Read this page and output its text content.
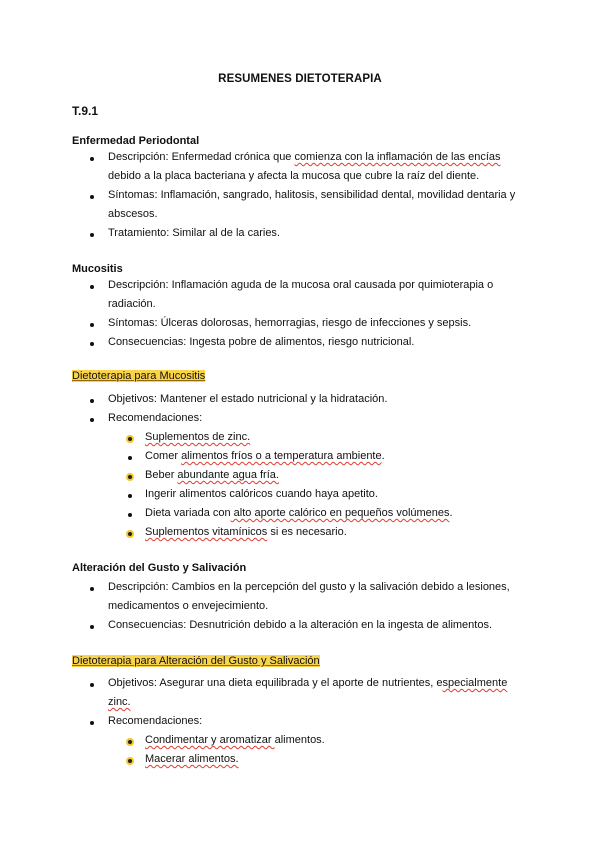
RESUMENES DIETOTERAPIA
T.9.1
Enfermedad Periodontal
Descripción: Enfermedad crónica que comienza con la inflamación de las encías
debido a la placa bacteriana y afecta la mucosa que cubre la raíz del diente.
Síntomas: Inflamación, sangrado, halitosis, sensibilidad dental, movilidad dentaria y
abscesos.
Tratamiento: Similar al de la caries.
Mucositis
Descripción: Inflamación aguda de la mucosa oral causada por quimioterapia o
radiación.
Síntomas: Úlceras dolorosas, hemorragias, riesgo de infecciones y sepsis.
Consecuencias: Ingesta pobre de alimentos, riesgo nutricional.
Dietoterapia para Mucositis
Objetivos: Mantener el estado nutricional y la hidratación.
Recomendaciones:
Suplementos de zinc.
Comer alimentos fríos o a temperatura ambiente.
Beber abundante agua fría.
Ingerir alimentos calóricos cuando haya apetito.
Dieta variada con alto aporte calórico en pequeños volúmenes.
Suplementos vitamínicos si es necesario.
Alteración del Gusto y Salivación
Descripción: Cambios en la percepción del gusto y la salivación debido a lesiones,
medicamentos o envejecimiento.
Consecuencias: Desnutrición debido a la alteración en la ingesta de alimentos.
Dietoterapia para Alteración del Gusto y Salivación
Objetivos: Asegurar una dieta equilibrada y el aporte de nutrientes, especialmente
zinc.
Recomendaciones:
Condimentar y aromatizar alimentos.
Macerar alimentos.
